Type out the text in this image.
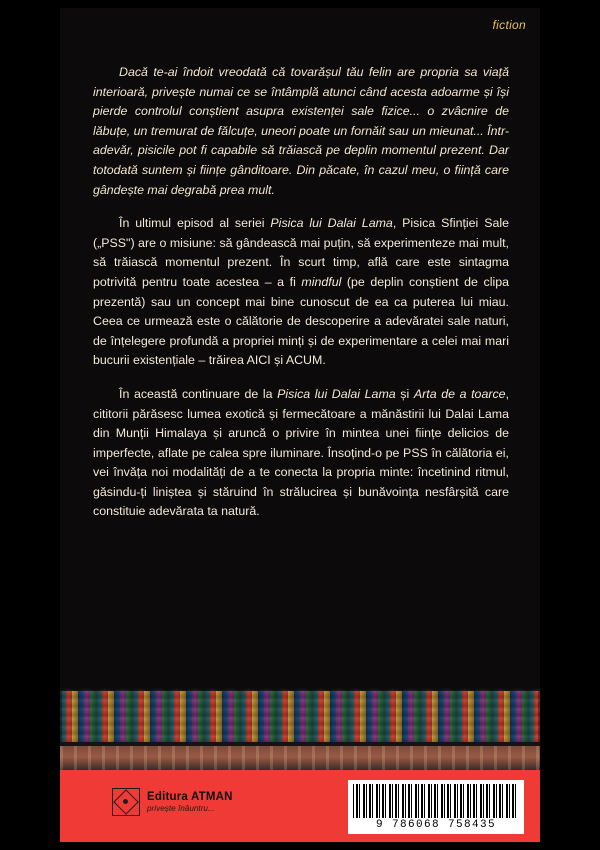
fiction

Dacă te-ai îndoit vreodată că tovarășul tău felin are propria sa viață interioară, privește numai ce se întâmplă atunci când acesta adoarme și își pierde controlul conștient asupra existenței sale fizice... o zvâcnire de lăbuțe, un tremurat de fălcuțe, uneori poate un fornăit sau un mieunat... Într-adevăr, pisicile pot fi capabile să trăiască pe deplin momentul prezent. Dar totodată suntem și ființe gânditoare. Din păcate, în cazul meu, o ființă care gândește mai degrabă prea mult.

În ultimul episod al seriei Pisica lui Dalai Lama, Pisica Sfinției Sale („PSS") are o misiune: să gândească mai puțin, să experimenteze mai mult, să trăiască momentul prezent. În scurt timp, află care este sintagma potrivită pentru toate acestea – a fi mindful (pe deplin conștient de clipa prezentă) sau un concept mai bine cunoscut de ea ca puterea lui miau. Ceea ce urmează este o călătorie de descoperire a adevăratei sale naturi, de înțelegere profundă a propriei minți și de experimentare a celei mai mari bucurii existențiale – trăirea AICI și ACUM.

În această continuare de la Pisica lui Dalai Lama și Arta de a toarce, cititorii părăsesc lumea exotică și fermecătoare a mănăstirii lui Dalai Lama din Munții Himalaya și aruncă o privire în mintea unei ființe delicios de imperfecte, aflate pe calea spre iluminare. Însoțind-o pe PSS în călătoria ei, vei învăța noi modalități de a te conecta la propria minte: încetinind ritmul, găsindu-ți liniștea și stăruind în strălucirea și bunăvoința nesfârșită care constituie adevărata ta natură.

Editura ATMAN
privește înăuntru...
9 786068 758435
